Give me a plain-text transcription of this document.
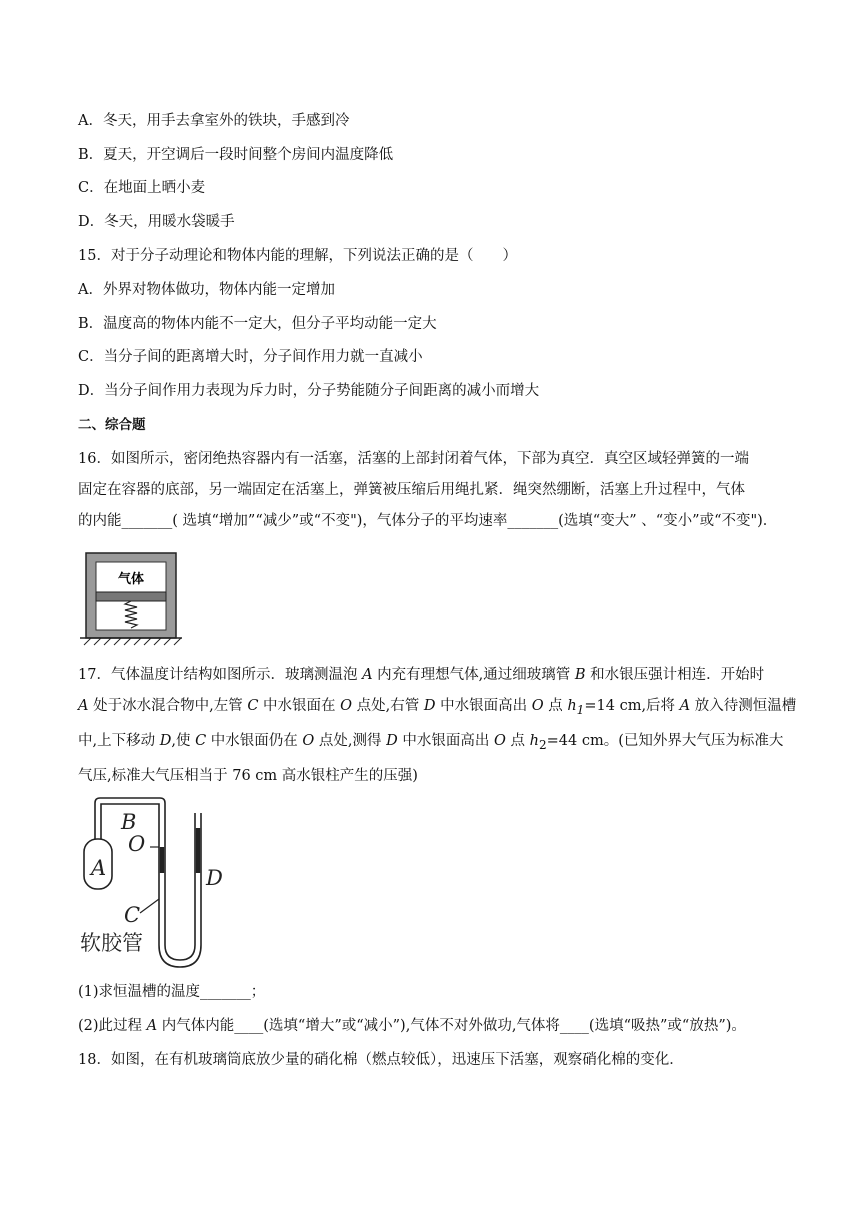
A．冬天，用手去拿室外的铁块，手感到冷
B．夏天，开空调后一段时间整个房间内温度降低
C．在地面上晒小麦
D．冬天，用暖水袋暖手
15．对于分子动理论和物体内能的理解，下列说法正确的是（　　）
A．外界对物体做功，物体内能一定增加
B．温度高的物体内能不一定大，但分子平均动能一定大
C．当分子间的距离增大时，分子间作用力就一直减小
D．当分子间作用力表现为斥力时，分子势能随分子间距离的减小而增大
二、综合题

16．如图所示，密闭绝热容器内有一活塞，活塞的上部封闭着气体，下部为真空．真空区域轻弹簧的一端

固定在容器的底部，另一端固定在活塞上，弹簧被压缩后用绳扎紧．绳突然绷断，活塞上升过程中，气体

的内能_______( 选填“增加”“减少”或“不变")，气体分子的平均速率_______(选填“变大” 、“变小”或“不变")．

气体

17．气体温度计结构如图所示．玻璃测温泡 A 内充有理想气体,通过细玻璃管 B 和水银压强计相连．开始时

A 处于冰水混合物中,左管 C 中水银面在 O 点处,右管 D 中水银面高出 O 点 $h_1=14$ cm,后将 A 放入待测恒温槽

中,上下移动 D,使 C 中水银面仍在 O 点处,测得 D 中水银面高出 O 点 $h_2=44$ cm。(已知外界大气压为标准大

气压,标准大气压相当于 76 cm 高水银柱产生的压强)

B
O
A	D
C
软胶管
(1)求恒温槽的温度_______；
(2)此过程 A 内气体内能____(选填“增大”或“减小”),气体不对外做功,气体将____(选填“吸热”或“放热”)。
18．如图，在有机玻璃筒底放少量的硝化棉（燃点较低），迅速压下活塞，观察硝化棉的变化．
